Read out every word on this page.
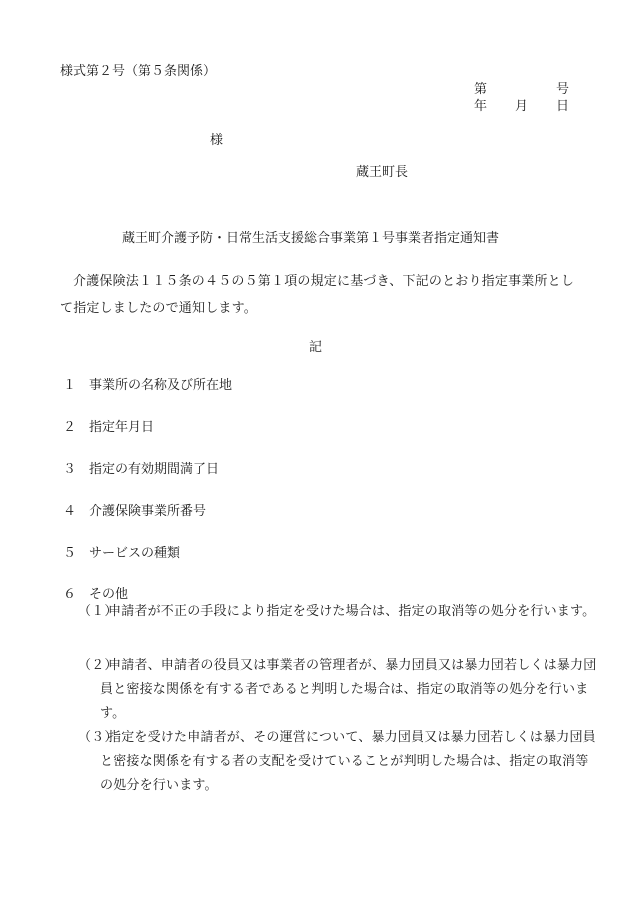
様式第２号（第５条関係）
第	号
年 月 日
様
蔵王町長
蔵王町介護予防・日常生活支援総合事業第１号事業者指定通知書
介護保険法１１５条の４５の５第１項の規定に基づき、下記のとおり指定事業所として指定しましたので通知します。
記
１ 事業所の名称及び所在地
２ 指定年月日
３ 指定の有効期間満了日
４ 介護保険事業所番号
５ サービスの種類
６ その他
（１）申請者が不正の手段により指定を受けた場合は、指定の取消等の処分を行います。
（２）申請者、申請者の役員又は事業者の管理者が、暴力団員又は暴力団若しくは暴力団員と密接な関係を有する者であると判明した場合は、指定の取消等の処分を行います。
（３）指定を受けた申請者が、その運営について、暴力団員又は暴力団若しくは暴力団員と密接な関係を有する者の支配を受けていることが判明した場合は、指定の取消等の処分を行います。
